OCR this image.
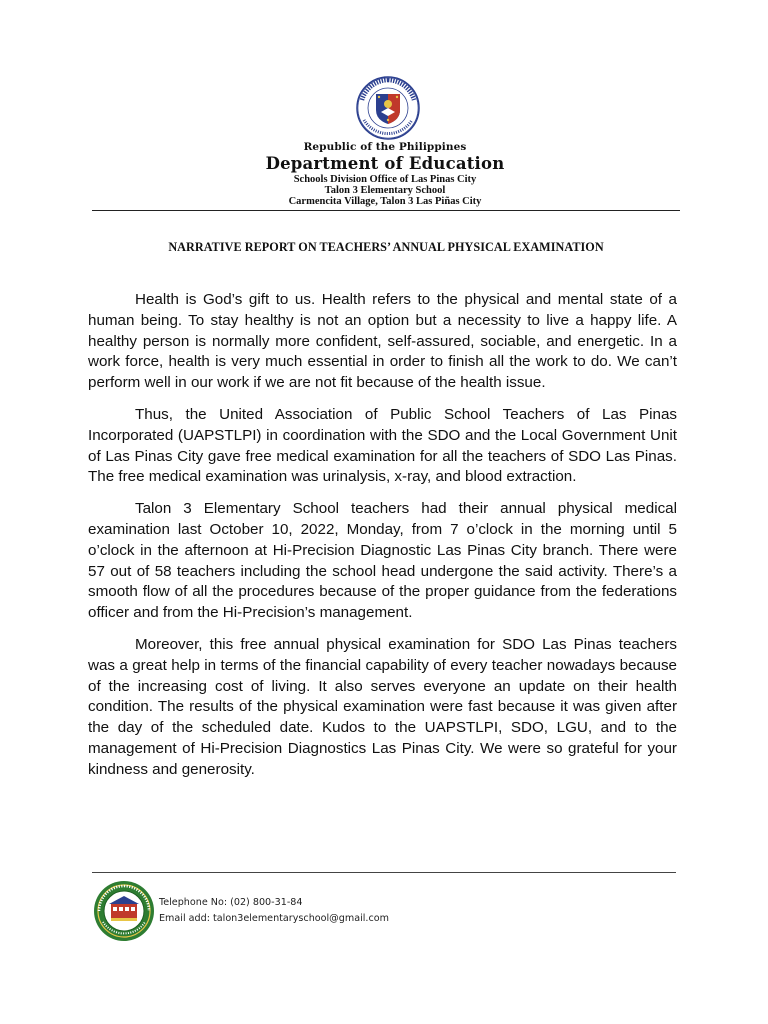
Republic of the Philippines
Department of Education
Schools Division Office of Las Pinas City
Talon 3 Elementary School
Carmencita Village, Talon 3 Las Piñas City
NARRATIVE REPORT ON TEACHERS’ ANNUAL PHYSICAL EXAMINATION

Health is God’s gift to us. Health refers to the physical and mental state of a human being. To stay healthy is not an option but a necessity to live a happy life. A healthy person is normally more confident, self-assured, sociable, and energetic. In a work force, health is very much essential in order to finish all the work to do. We can’t perform well in our work if we are not fit because of the health issue.

Thus, the United Association of Public School Teachers of Las Pinas Incorporated (UAPSTLPI) in coordination with the SDO and the Local Government Unit of Las Pinas City gave free medical examination for all the teachers of SDO Las Pinas. The free medical examination was urinalysis, x-ray, and blood extraction.

Talon 3 Elementary School teachers had their annual physical medical examination last October 10, 2022, Monday, from 7 o’clock in the morning until 5 o’clock in the afternoon at Hi-Precision Diagnostic Las Pinas City branch. There were 57 out of 58 teachers including the school head undergone the said activity. There’s a smooth flow of all the procedures because of the proper guidance from the federations officer and from the Hi-Precision’s management.

Moreover, this free annual physical examination for SDO Las Pinas teachers was a great help in terms of the financial capability of every teacher nowadays because of the increasing cost of living. It also serves everyone an update on their health condition. The results of the physical examination were fast because it was given after the day of the scheduled date. Kudos to the UAPSTLPI, SDO, LGU, and to the management of Hi-Precision Diagnostics Las Pinas City. We were so grateful for your kindness and generosity.

Telephone No: (02) 800-31-84
Email add: talon3elementaryschool@gmail.com
